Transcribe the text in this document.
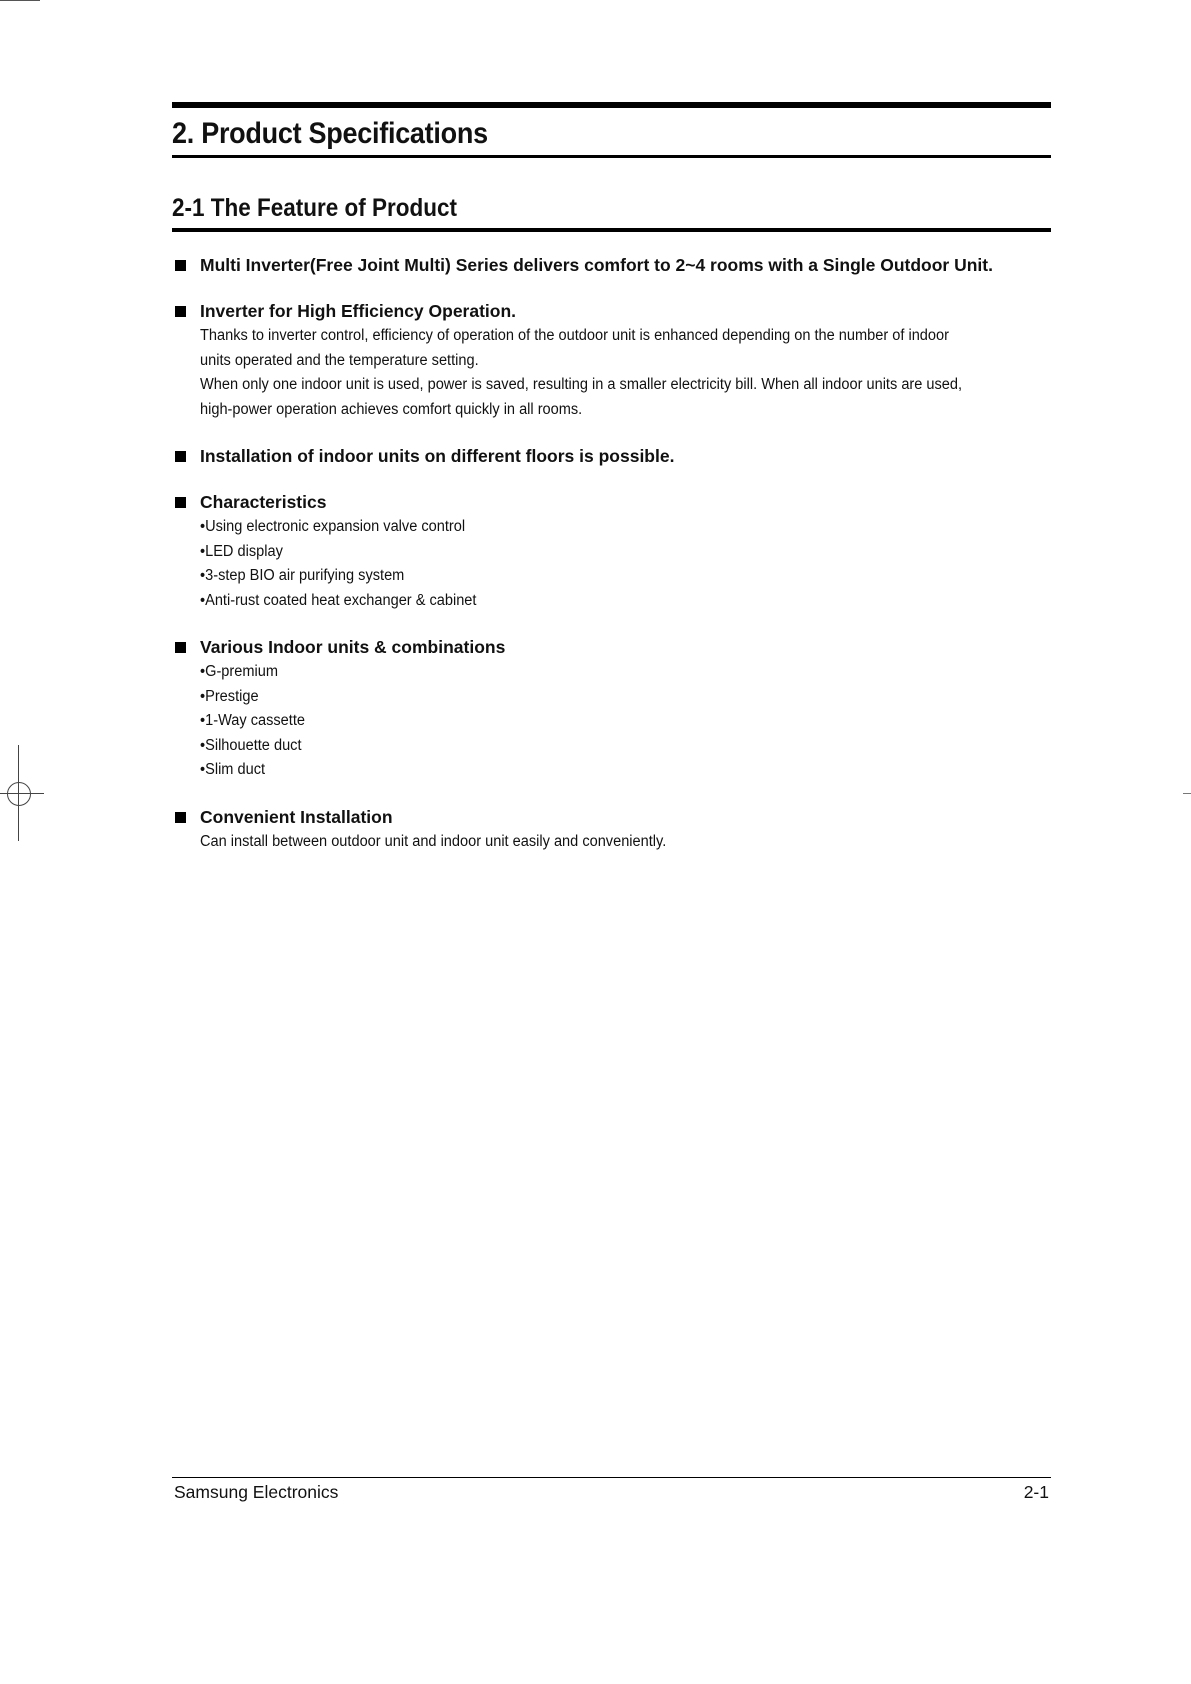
2. Product Specifications
2-1 The Feature of Product
Multi Inverter(Free Joint Multi) Series delivers comfort to 2~4 rooms with a Single Outdoor Unit.
Inverter for High Efficiency Operation.

Thanks to inverter control, efficiency of operation of the outdoor unit is enhanced depending on the number of indoor units operated and the temperature setting.

When only one indoor unit is used, power is saved, resulting in a smaller electricity bill. When all indoor units are used, high-power operation achieves comfort quickly in all rooms.

Installation of indoor units on different floors is possible.
Characteristics
• Using electronic expansion valve control
• LED display
• 3-step BIO air purifying system
• Anti-rust coated heat exchanger & cabinet
Various Indoor units & combinations
• G-premium
• Prestige
• 1-Way cassette
• Silhouette duct
• Slim duct
Convenient Installation

Can install between outdoor unit and indoor unit easily and conveniently.

Samsung Electronics	2-1
